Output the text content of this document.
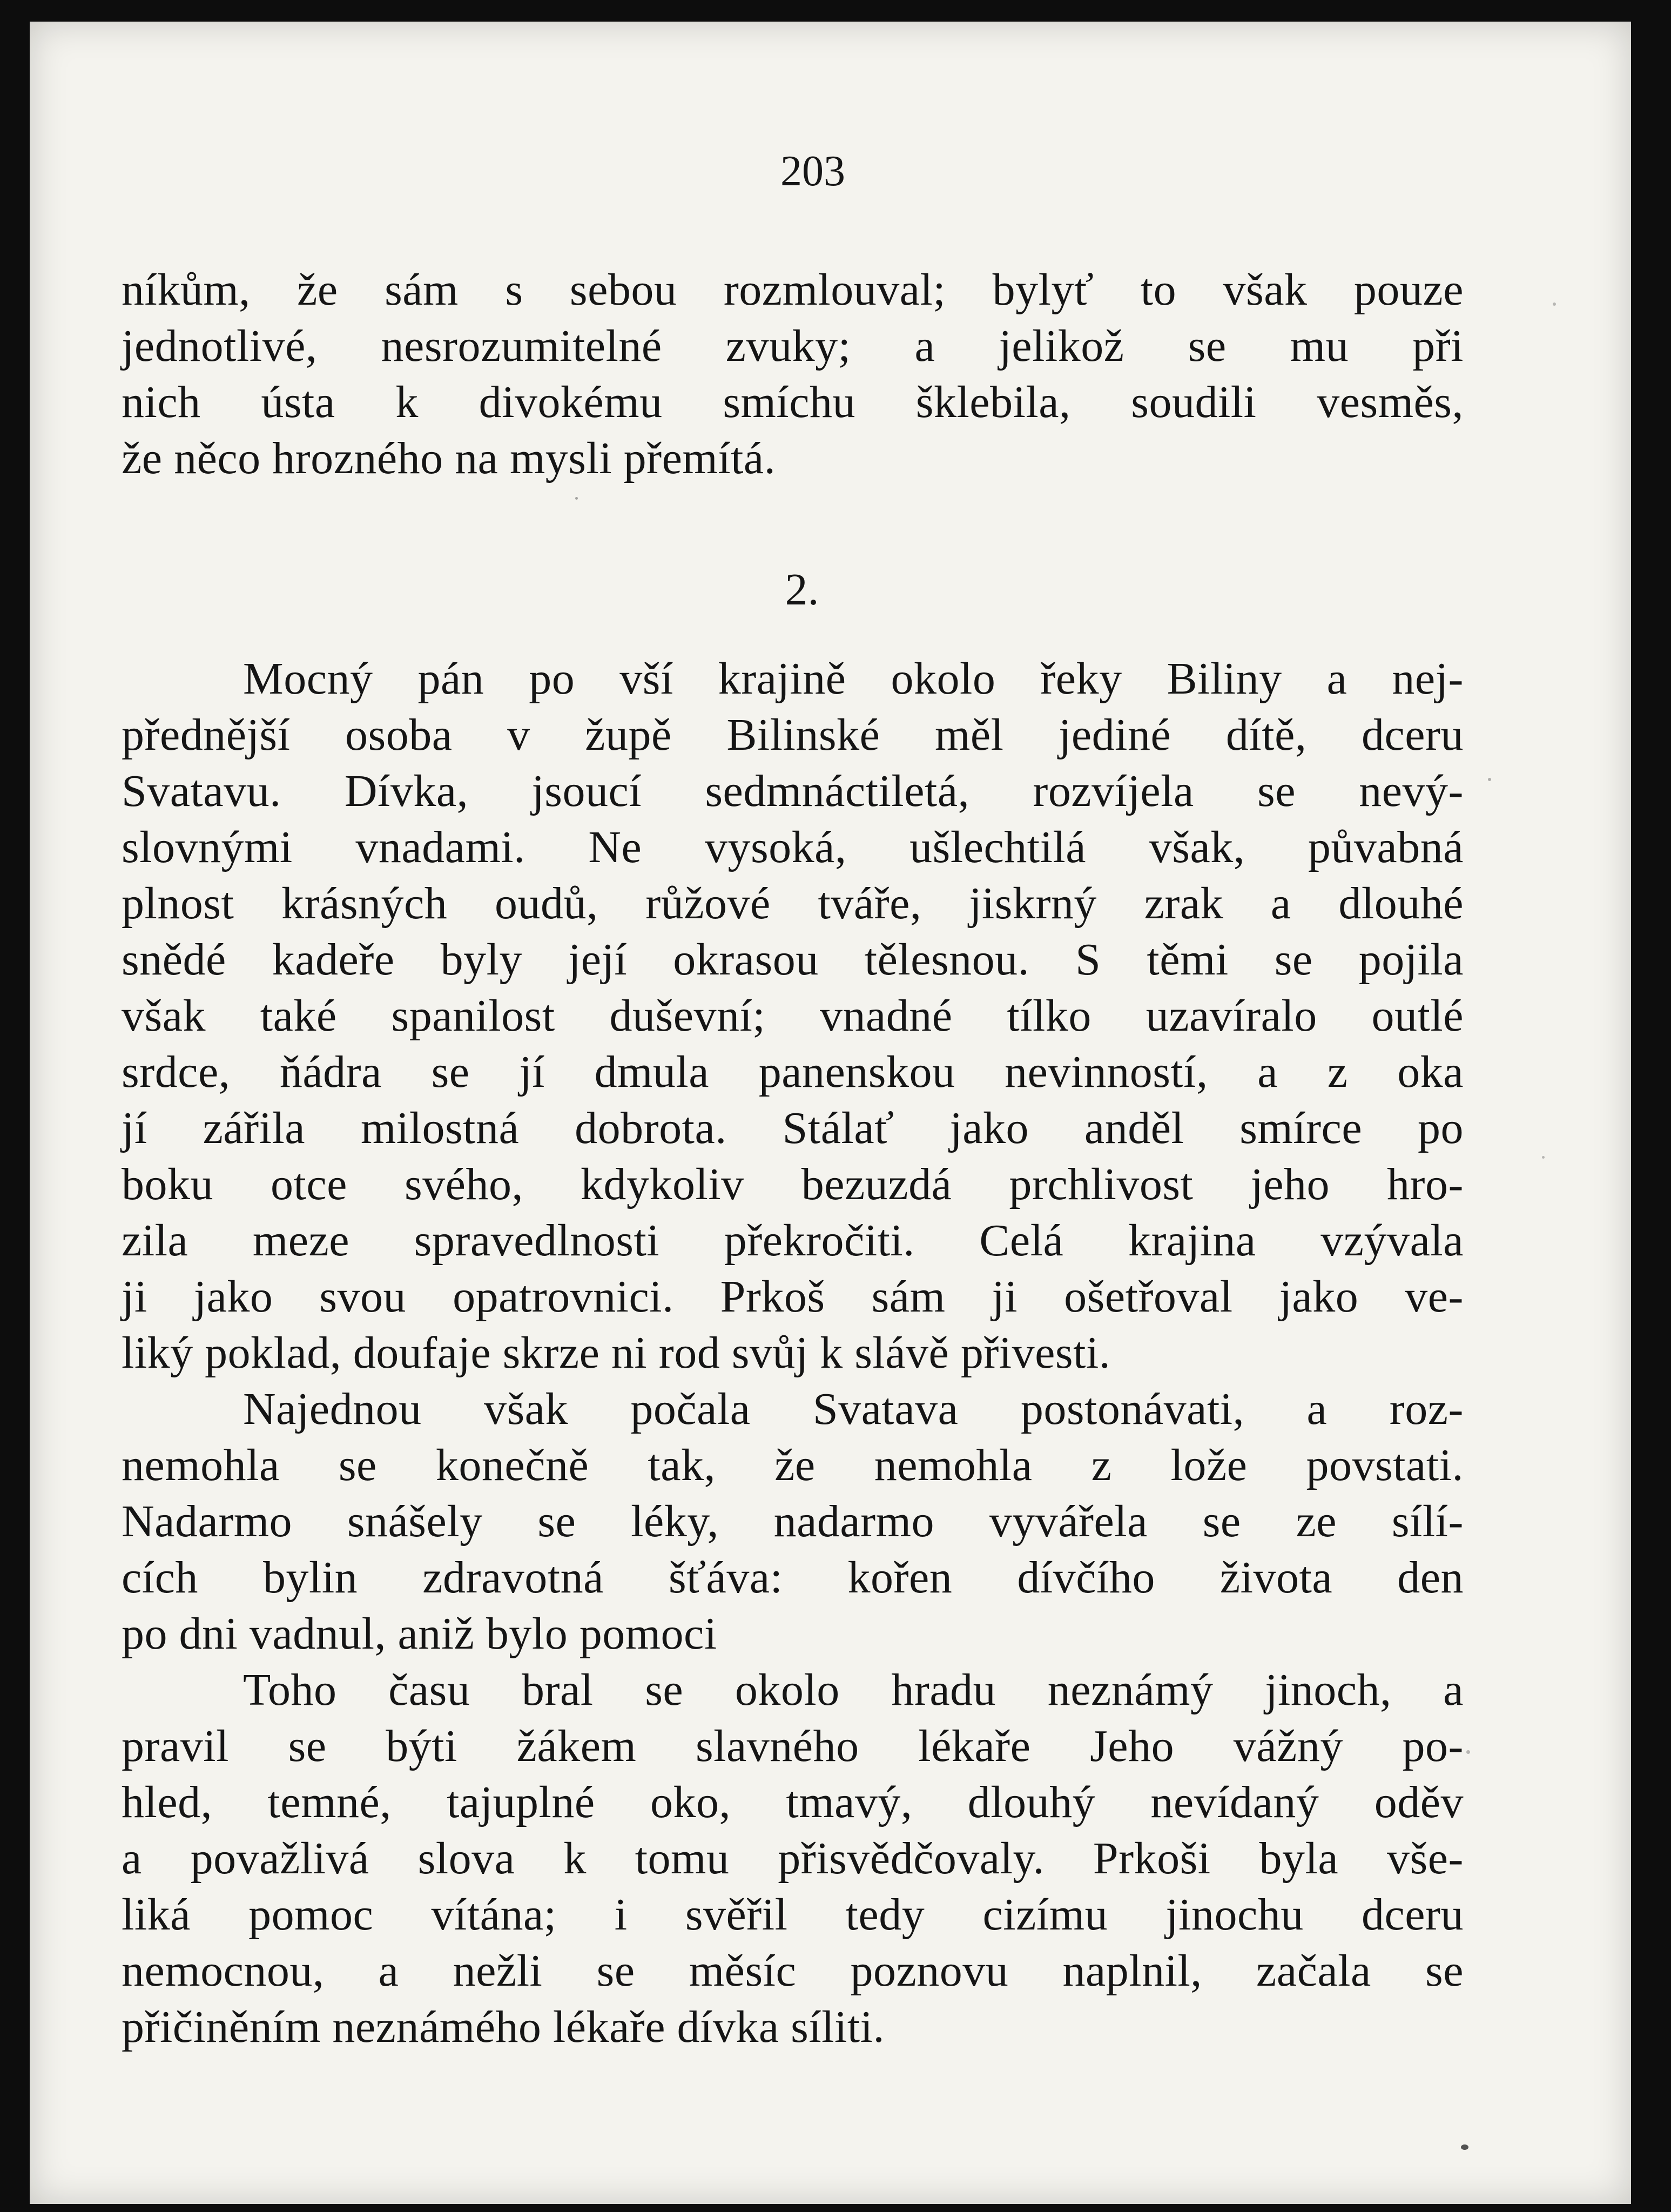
203
níkům, že sám s sebou rozmlouval; bylyť to však pouze
jednotlivé, nesrozumitelné zvuky; a jelikož se mu při
nich ústa k divokému smíchu šklebila, soudili vesměs,
že něco hrozného na mysli přemítá.
Mocný pán po vší krajině okolo řeky Biliny a nej-
přednější osoba v župě Bilinské měl jediné dítě, dceru
Svatavu. Dívka, jsoucí sedmnáctiletá, rozvíjela se nevý-
slovnými vnadami. Ne vysoká, ušlechtilá však, půvabná
plnost krásných oudů, růžové tváře, jiskrný zrak a dlouhé
snědé kadeře byly její okrasou tělesnou. S těmi se pojila
však také spanilost duševní; vnadné tílko uzavíralo outlé
srdce, ňádra se jí dmula panenskou nevinností, a z oka
jí zářila milostná dobrota. Stálať jako anděl smírce po
boku otce svého, kdykoliv bezuzdá prchlivost jeho hro-
zila meze spravedlnosti překročiti. Celá krajina vzývala
ji jako svou opatrovnici. Prkoš sám ji ošetřoval jako ve-
liký poklad, doufaje skrze ni rod svůj k slávě přivesti.
Najednou však počala Svatava postonávati, a roz-
nemohla se konečně tak, že nemohla z lože povstati.
Nadarmo snášely se léky, nadarmo vyvářela se ze sílí-
cích bylin zdravotná šťáva: kořen dívčího života den
po dni vadnul, aniž bylo pomoci
Toho času bral se okolo hradu neznámý jinoch, a
pravil se býti žákem slavného lékaře Jeho vážný po-
hled, temné, tajuplné oko, tmavý, dlouhý nevídaný oděv
a považlivá slova k tomu přisvědčovaly. Prkoši byla vše-
liká pomoc vítána; i svěřil tedy cizímu jinochu dceru
nemocnou, a nežli se měsíc poznovu naplnil, začala se
přičiněním neznámého lékaře dívka síliti.
2.
